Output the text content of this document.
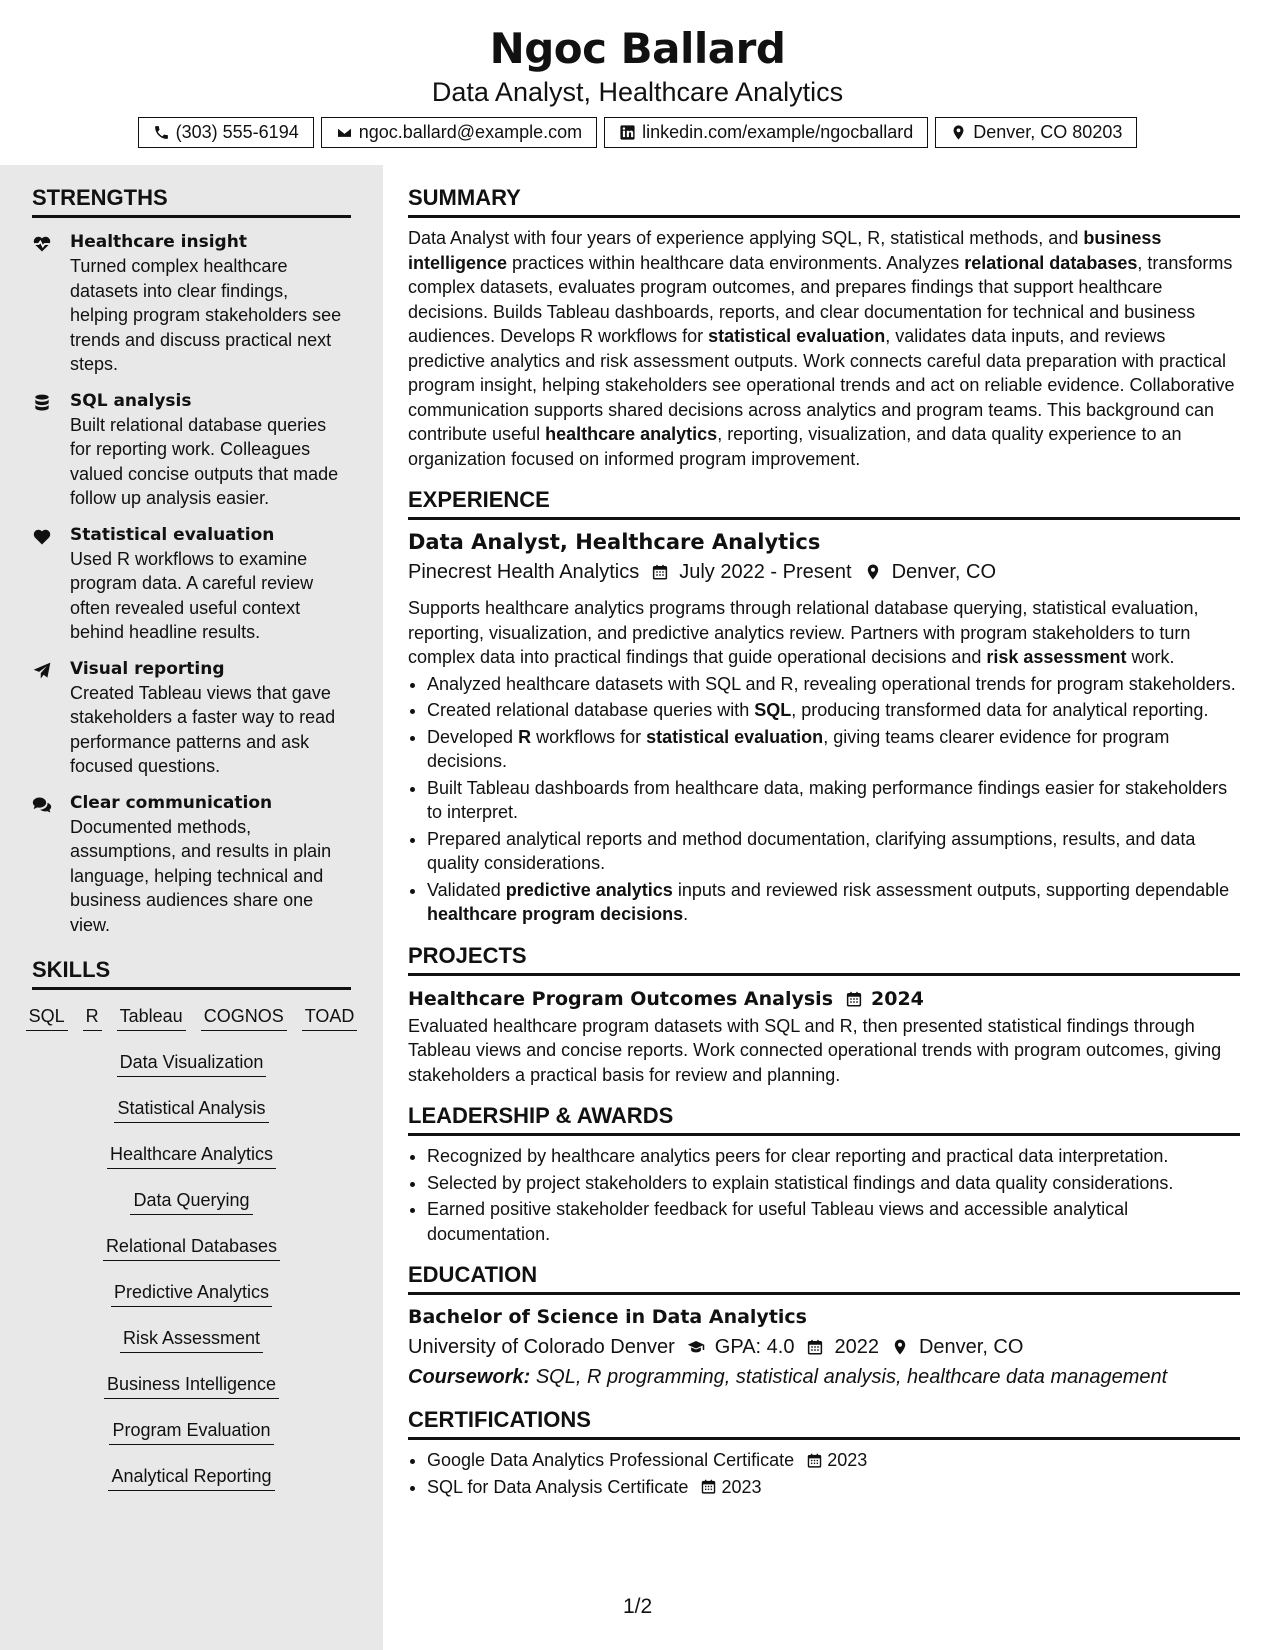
Ngoc Ballard
Data Analyst, Healthcare Analytics
(303) 555-6194	ngoc.ballard@example.com	linkedin.com/example/ngocballard	Denver, CO 80203
STRENGTHS
Healthcare insight
Turned complex healthcare datasets into clear findings, helping program stakeholders see trends and discuss practical next steps.
SQL analysis
Built relational database queries for reporting work. Colleagues valued concise outputs that made follow up analysis easier.
Statistical evaluation
Used R workflows to examine program data. A careful review often revealed useful context behind headline results.
Visual reporting
Created Tableau views that gave stakeholders a faster way to read performance patterns and ask focused questions.
Clear communication
Documented methods, assumptions, and results in plain language, helping technical and business audiences share one view.
SKILLS
SQL R Tableau COGNOS TOAD
Data Visualization
Statistical Analysis
Healthcare Analytics
Data Querying
Relational Databases
Predictive Analytics
Risk Assessment
Business Intelligence
Program Evaluation
Analytical Reporting
SUMMARY

Data Analyst with four years of experience applying SQL, R, statistical methods, and business intelligence practices within healthcare data environments. Analyzes relational databases, transforms complex datasets, evaluates program outcomes, and prepares findings that support healthcare decisions. Builds Tableau dashboards, reports, and clear documentation for technical and business audiences. Develops R workflows for statistical evaluation, validates data inputs, and reviews predictive analytics and risk assessment outputs. Work connects careful data preparation with practical program insight, helping stakeholders see operational trends and act on reliable evidence. Collaborative communication supports shared decisions across analytics and program teams. This background can contribute useful healthcare analytics, reporting, visualization, and data quality experience to an organization focused on informed program improvement.

EXPERIENCE
Data Analyst, Healthcare Analytics
Pinecrest Health Analytics July 2022 - Present Denver, CO

Supports healthcare analytics programs through relational database querying, statistical evaluation, reporting, visualization, and predictive analytics review. Partners with program stakeholders to turn complex data into practical findings that guide operational decisions and risk assessment work.

• Analyzed healthcare datasets with SQL and R, revealing operational trends for program stakeholders.
• Created relational database queries with SQL, producing transformed data for analytical reporting.
• Developed R workflows for statistical evaluation, giving teams clearer evidence for program decisions.
• Built Tableau dashboards from healthcare data, making performance findings easier for stakeholders to interpret.
• Prepared analytical reports and method documentation, clarifying assumptions, results, and data quality considerations.
• Validated predictive analytics inputs and reviewed risk assessment outputs, supporting dependable healthcare program decisions.
PROJECTS
Healthcare Program Outcomes Analysis 2024

Evaluated healthcare program datasets with SQL and R, then presented statistical findings through Tableau views and concise reports. Work connected operational trends with program outcomes, giving stakeholders a practical basis for review and planning.

LEADERSHIP & AWARDS
• Recognized by healthcare analytics peers for clear reporting and practical data interpretation.
• Selected by project stakeholders to explain statistical findings and data quality considerations.
• Earned positive stakeholder feedback for useful Tableau views and accessible analytical documentation.
EDUCATION
Bachelor of Science in Data Analytics
University of Colorado Denver GPA: 4.0 2022 Denver, CO
Coursework: SQL, R programming, statistical analysis, healthcare data management
CERTIFICATIONS
• Google Data Analytics Professional Certificate 2023
• SQL for Data Analysis Certificate 2023
1/2
